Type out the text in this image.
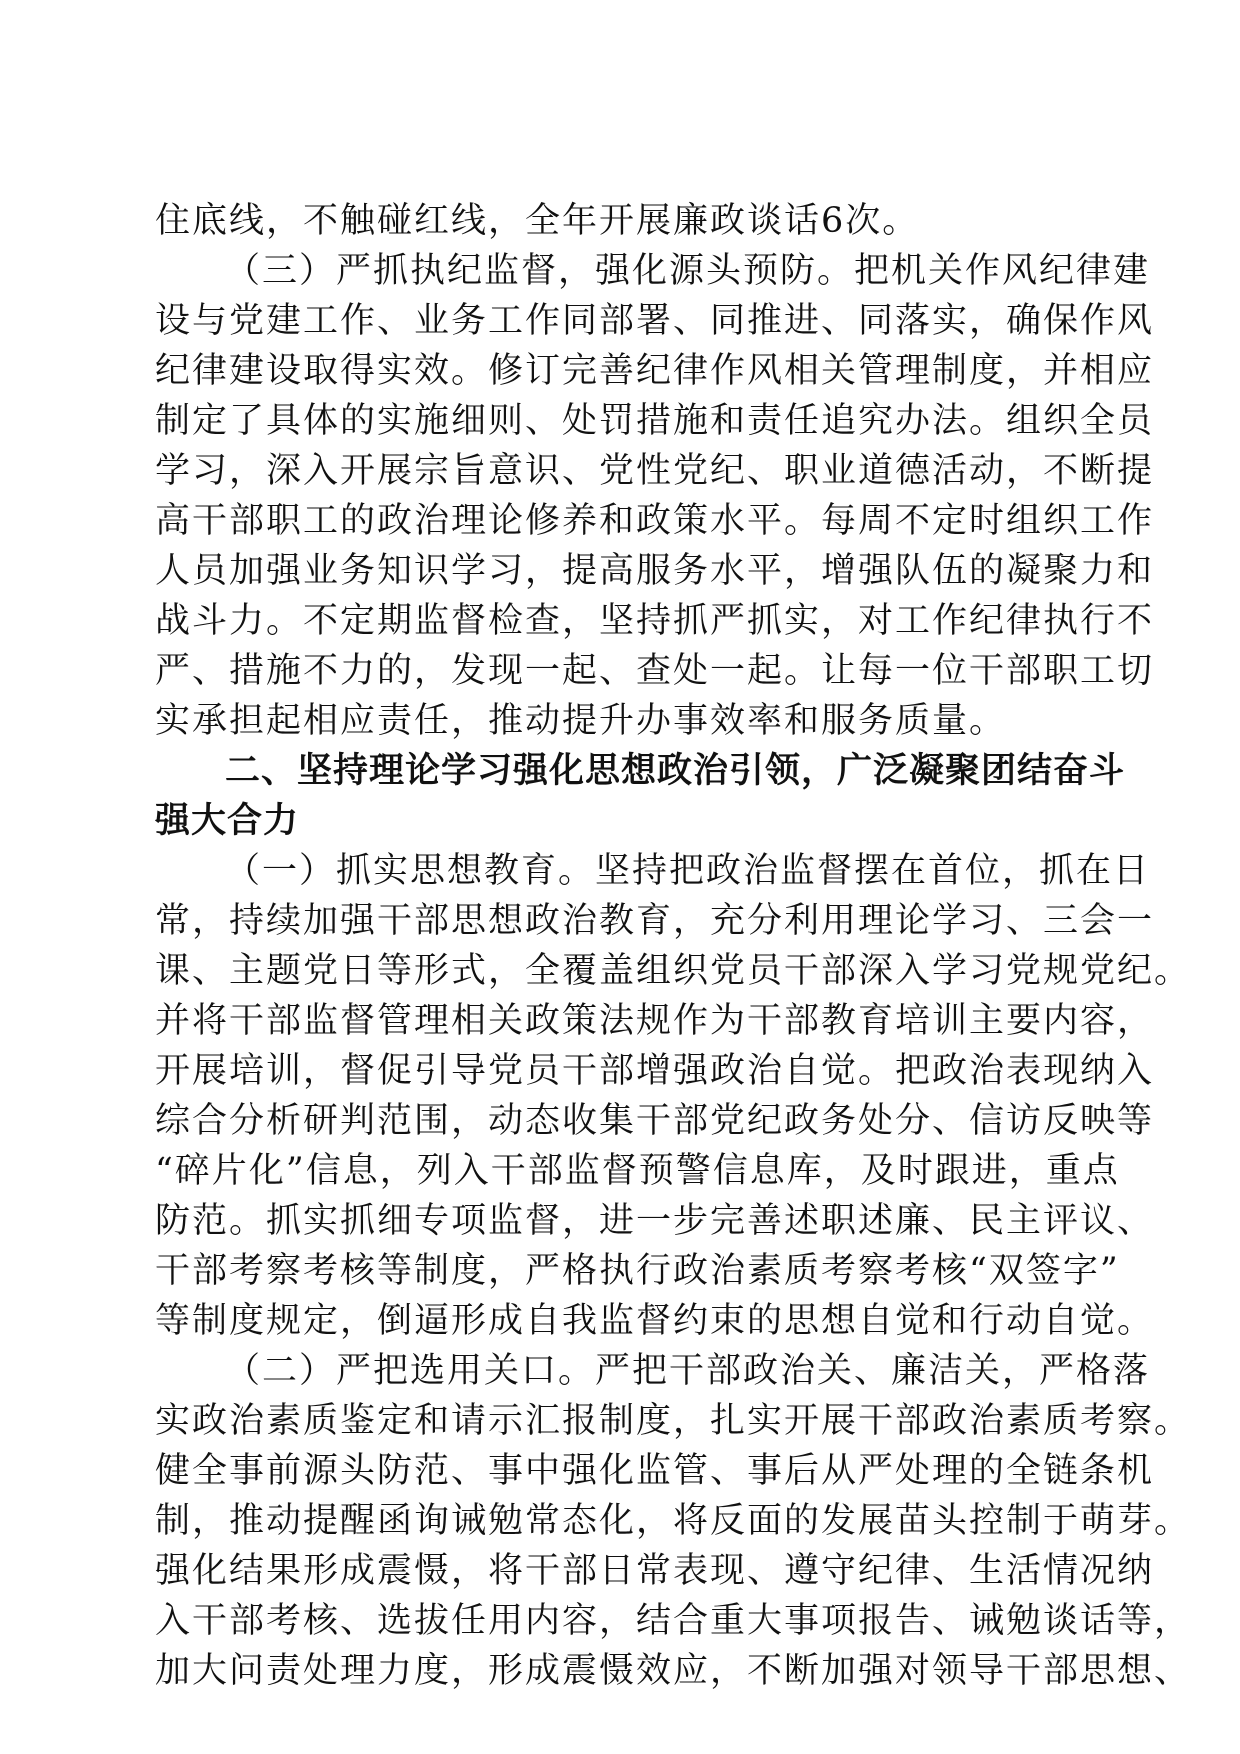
住底线，不触碰红线，全年开展廉政谈话6次。
（三）严抓执纪监督，强化源头预防。把机关作风纪律建
设与党建工作、业务工作同部署、同推进、同落实，确保作风
纪律建设取得实效。修订完善纪律作风相关管理制度，并相应
制定了具体的实施细则、处罚措施和责任追究办法。组织全员
学习，深入开展宗旨意识、党性党纪、职业道德活动，不断提
高干部职工的政治理论修养和政策水平。每周不定时组织工作
人员加强业务知识学习，提高服务水平，增强队伍的凝聚力和
战斗力。不定期监督检查，坚持抓严抓实，对工作纪律执行不
严、措施不力的，发现一起、查处一起。让每一位干部职工切
实承担起相应责任，推动提升办事效率和服务质量。
二、坚持理论学习强化思想政治引领，广泛凝聚团结奋斗
强大合力
（一）抓实思想教育。坚持把政治监督摆在首位，抓在日
常，持续加强干部思想政治教育，充分利用理论学习、三会一
课、主题党日等形式，全覆盖组织党员干部深入学习党规党纪。
并将干部监督管理相关政策法规作为干部教育培训主要内容，
开展培训，督促引导党员干部增强政治自觉。把政治表现纳入
综合分析研判范围，动态收集干部党纪政务处分、信访反映等
“碎片化”信息，列入干部监督预警信息库，及时跟进，重点
防范。抓实抓细专项监督，进一步完善述职述廉、民主评议、
干部考察考核等制度，严格执行政治素质考察考核“双签字”
等制度规定，倒逼形成自我监督约束的思想自觉和行动自觉。
（二）严把选用关口。严把干部政治关、廉洁关，严格落
实政治素质鉴定和请示汇报制度，扎实开展干部政治素质考察。
健全事前源头防范、事中强化监管、事后从严处理的全链条机
制，推动提醒函询诫勉常态化，将反面的发展苗头控制于萌芽。
强化结果形成震慑，将干部日常表现、遵守纪律、生活情况纳
入干部考核、选拔任用内容，结合重大事项报告、诫勉谈话等，
加大问责处理力度，形成震慑效应，不断加强对领导干部思想、
